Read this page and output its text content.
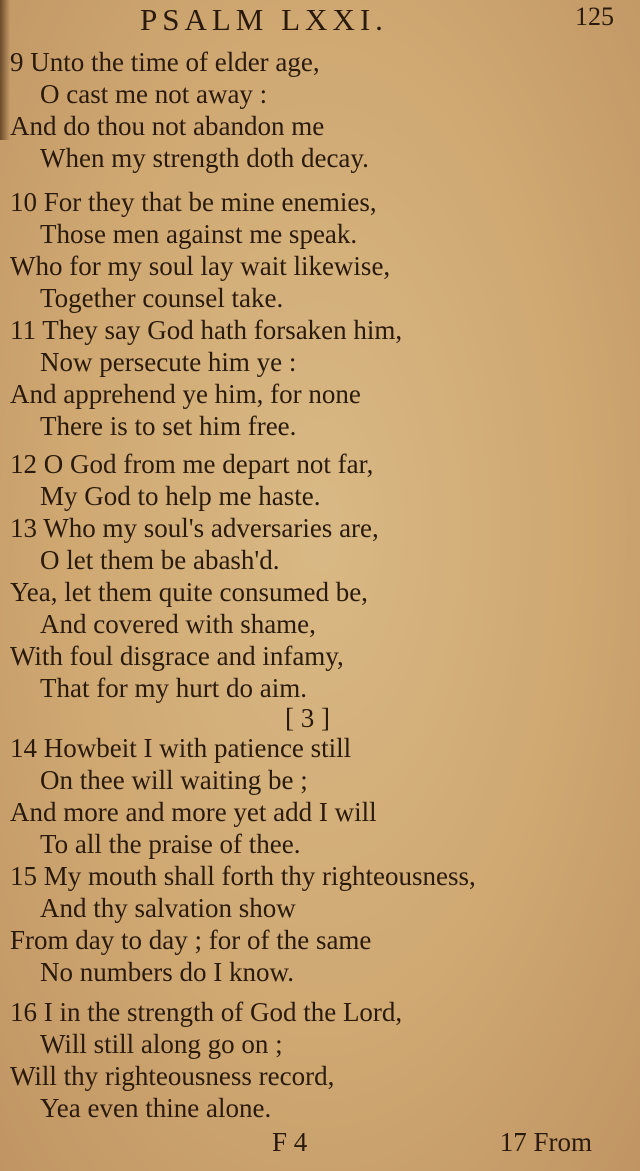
PSALM LXXI.	125
9 Unto the time of elder age,
O cast me not away :
And do thou not abandon me
When my strength doth decay.
10 For they that be mine enemies,
Those men against me speak.
Who for my soul lay wait likewise,
Together counsel take.
11 They say God hath forsaken him,
Now persecute him ye :
And apprehend ye him, for none
There is to set him free.
12 O God from me depart not far,
My God to help me haste.
13 Who my soul's adversaries are,
O let them be abash'd.
Yea, let them quite consumed be,
And covered with shame,
With foul disgrace and infamy,
That for my hurt do aim.
[ 3 ]
14 Howbeit I with patience still
On thee will waiting be ;
And more and more yet add I will
To all the praise of thee.
15 My mouth shall forth thy righteousness,
And thy salvation show
From day to day ; for of the same
No numbers do I know.
16 I in the strength of God the Lord,
Will still along go on ;
Will thy righteousness record,
Yea even thine alone.
F 4	17 From
